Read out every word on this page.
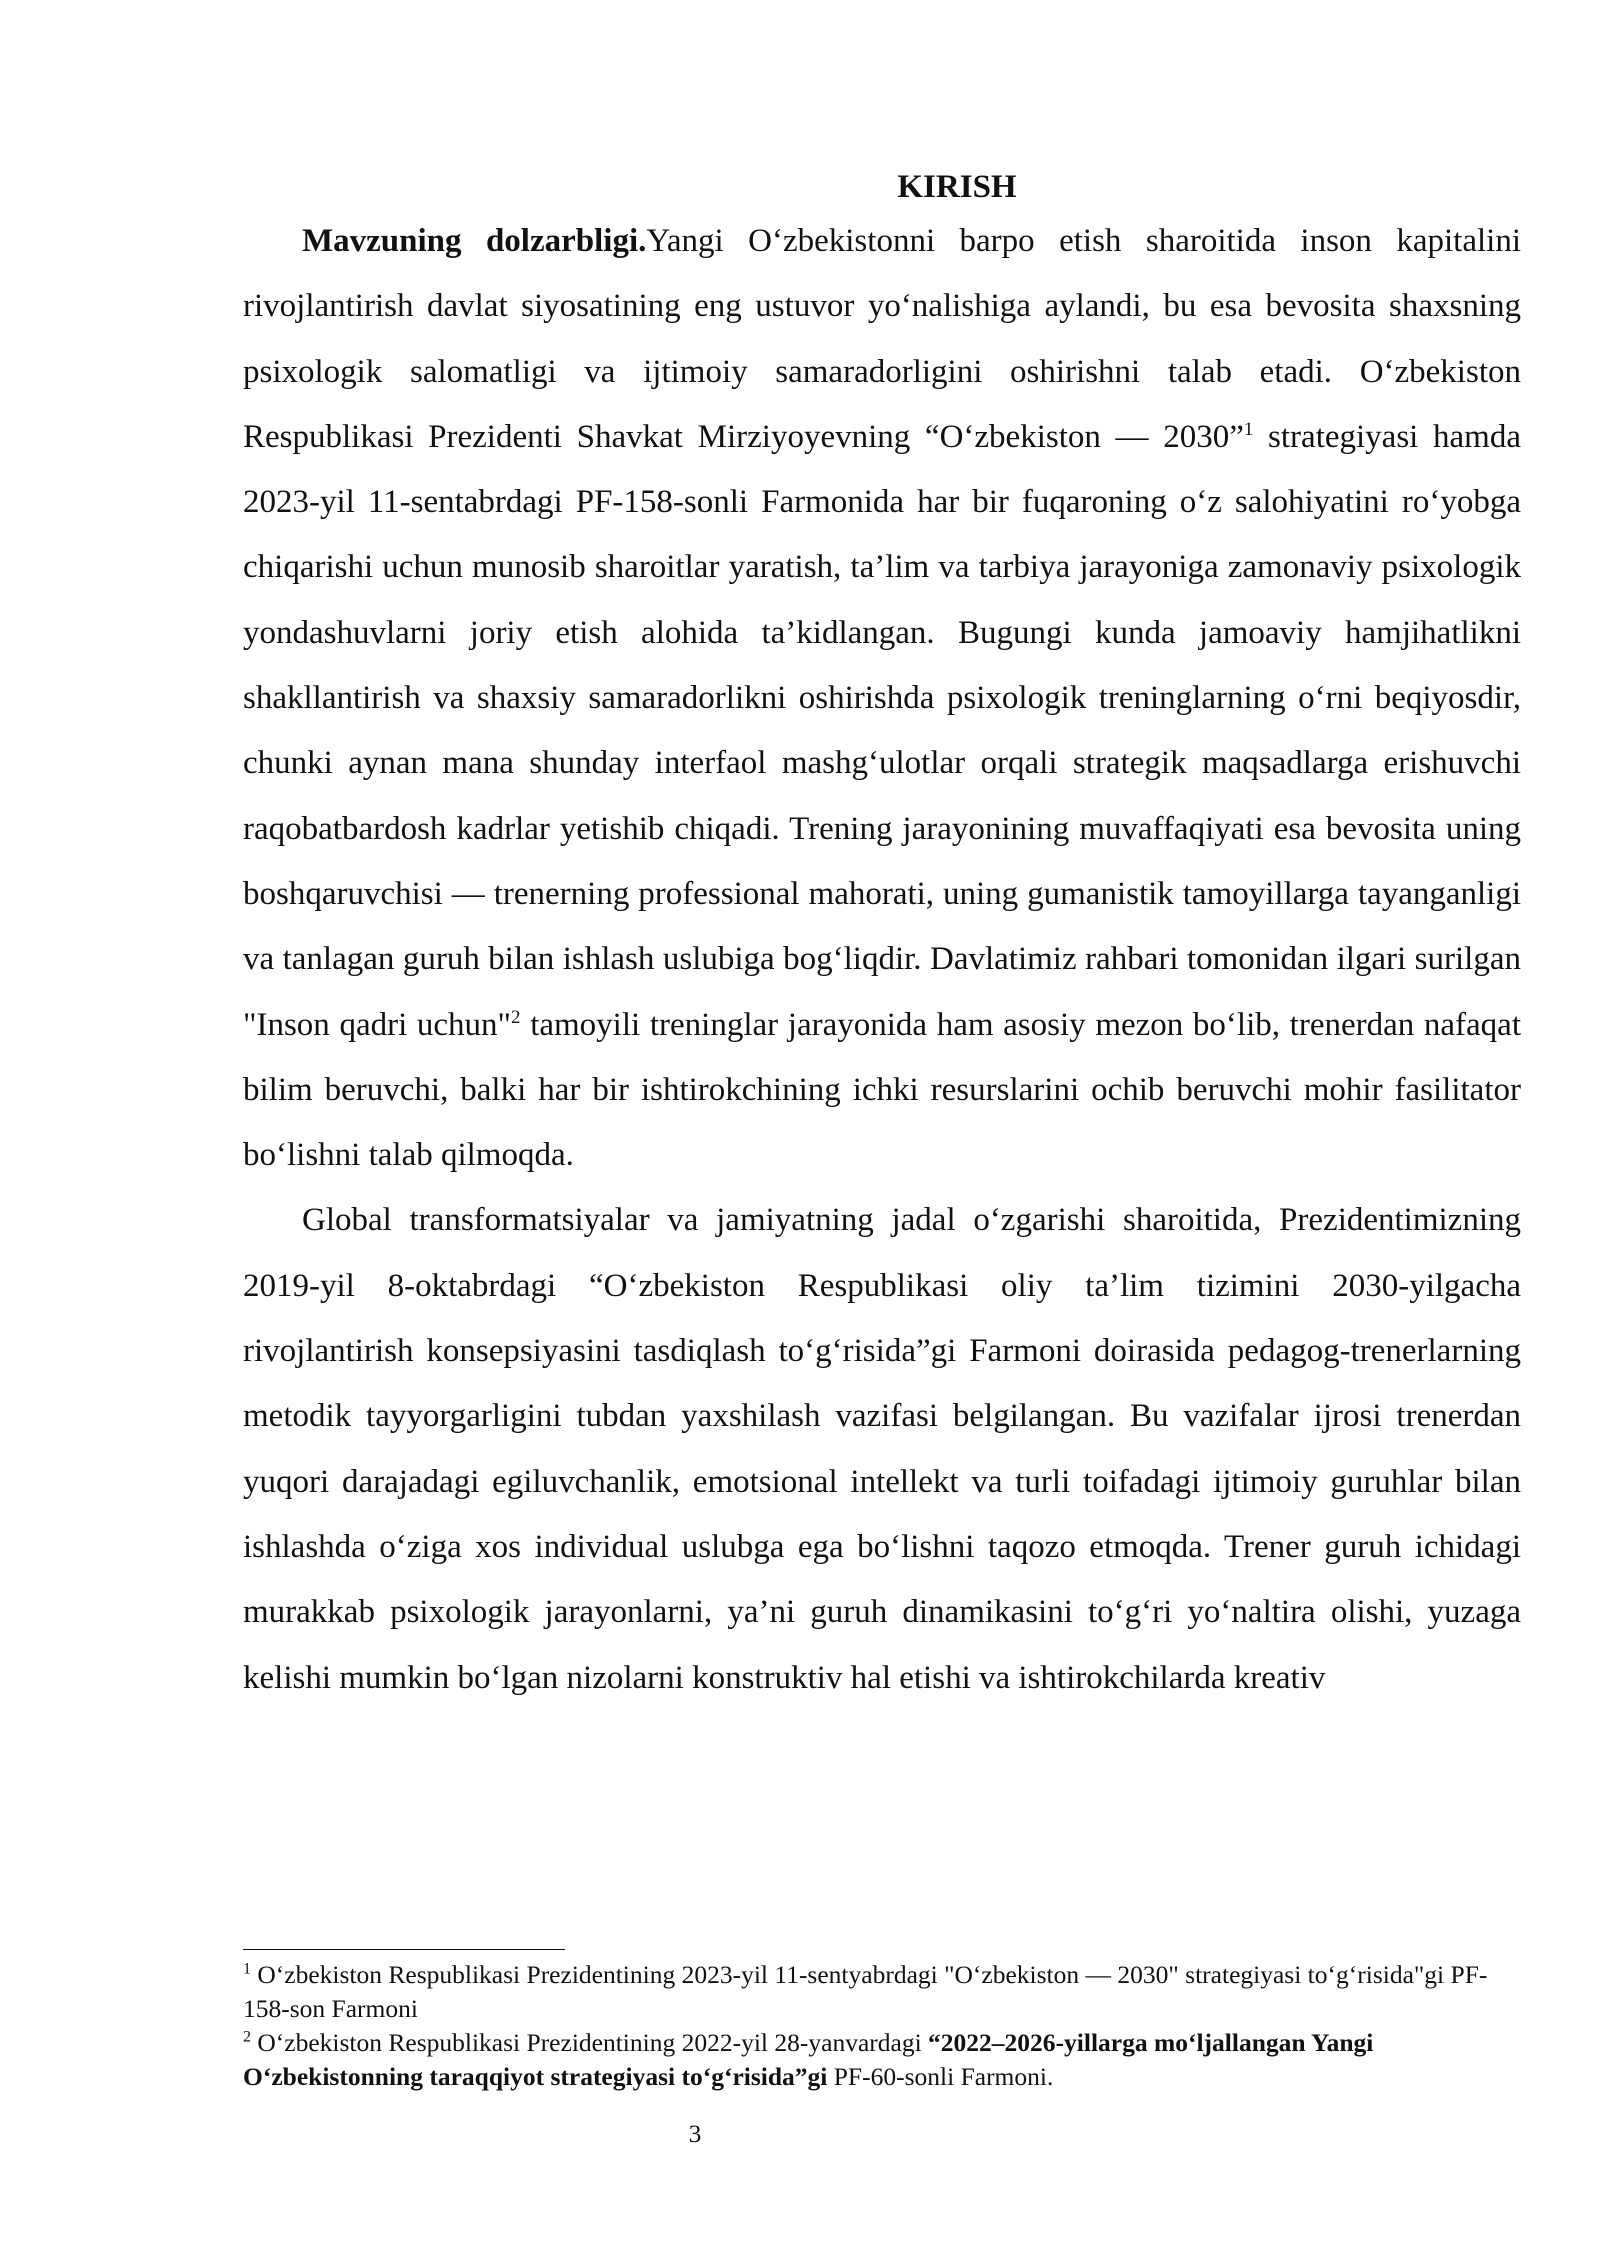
KIRISH

Mavzuning dolzarbligi.Yangi O‘zbekistonni barpo etish sharoitida inson kapitalini rivojlantirish davlat siyosatining eng ustuvor yo‘nalishiga aylandi, bu esa bevosita shaxsning psixologik salomatligi va ijtimoiy samaradorligini oshirishni talab etadi. O‘zbekiston Respublikasi Prezidenti Shavkat Mirziyoyevning “O‘zbekiston — 2030”$^1$ strategiyasi hamda 2023-yil 11-sentabrdagi PF-158-sonli Farmonida har bir fuqaroning o‘z salohiyatini ro‘yobga chiqarishi uchun munosib sharoitlar yaratish, ta’lim va tarbiya jarayoniga zamonaviy psixologik yondashuvlarni joriy etish alohida ta’kidlangan. Bugungi kunda jamoaviy hamjihatlikni shakllantirish va shaxsiy samaradorlikni oshirishda psixologik treninglarning o‘rni beqiyosdir, chunki aynan mana shunday interfaol mashg‘ulotlar orqali strategik maqsadlarga erishuvchi raqobatbardosh kadrlar yetishib chiqadi. Trening jarayonining muvaffaqiyati esa bevosita uning boshqaruvchisi — trenerning professional mahorati, uning gumanistik tamoyillarga tayanganligi va tanlagan guruh bilan ishlash uslubiga bog‘liqdir. Davlatimiz rahbari tomonidan ilgari surilgan "Inson qadri uchun"$^2$ tamoyili treninglar jarayonida ham asosiy mezon bo‘lib, trenerdan nafaqat bilim beruvchi, balki har bir ishtirokchining ichki resurslarini ochib beruvchi mohir fasilitator bo‘lishni talab qilmoqda.

Global transformatsiyalar va jamiyatning jadal o‘zgarishi sharoitida, Prezidentimizning 2019-yil 8-oktabrdagi “O‘zbekiston Respublikasi oliy ta’lim tizimini 2030-yilgacha rivojlantirish konsepsiyasini tasdiqlash to‘g‘risida”gi Farmoni doirasida pedagog-trenerlarning metodik tayyorgarligini tubdan yaxshilash vazifasi belgilangan. Bu vazifalar ijrosi trenerdan yuqori darajadagi egiluvchanlik, emotsional intellekt va turli toifadagi ijtimoiy guruhlar bilan ishlashda o‘ziga xos individual uslubga ega bo‘lishni taqozo etmoqda. Trener guruh ichidagi murakkab psixologik jarayonlarni, ya’ni guruh dinamikasini to‘g‘ri yo‘naltira olishi, yuzaga kelishi mumkin bo‘lgan nizolarni konstruktiv hal etishi va ishtirokchilarda kreativ

$^1$ O‘zbekiston Respublikasi Prezidentining 2023-yil 11-sentyabrdagi "O‘zbekiston — 2030" strategiyasi to‘g‘risida"gi PF-158-son Farmoni

$^2$ O‘zbekiston Respublikasi Prezidentining 2022-yil 28-yanvardagi “2022–2026-yillarga mo‘ljallangan Yangi O‘zbekistonning taraqqiyot strategiyasi to‘g‘risida”gi PF-60-sonli Farmoni.

3
